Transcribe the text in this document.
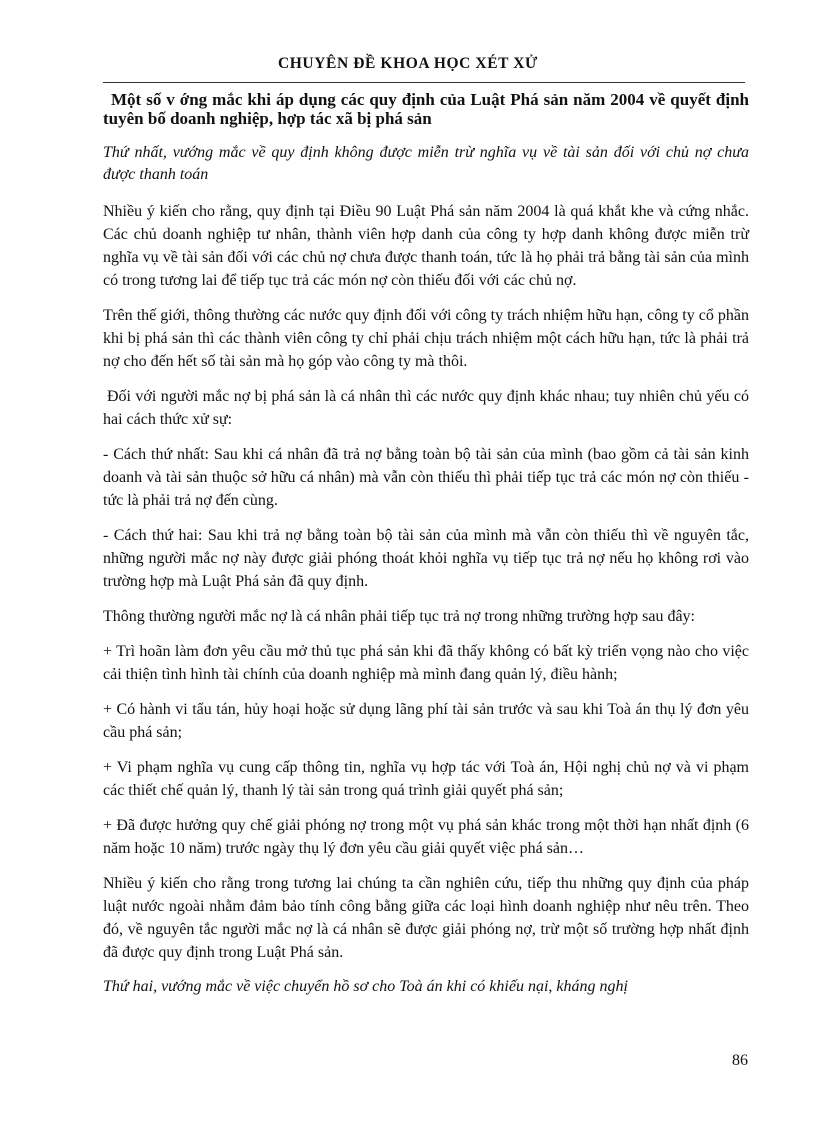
CHUYÊN ĐỀ KHOA HỌC XÉT XỬ

Một số v ớng mắc khi áp dụng các quy định của Luật Phá sản năm 2004 về quyết định tuyên bố doanh nghiệp, hợp tác xã bị phá sản

Thứ nhất, vướng mắc về quy định không được miễn trừ nghĩa vụ về tài sản đối với chủ nợ chưa được thanh toán

Nhiều ý kiến cho rằng, quy định tại Điều 90 Luật Phá sản năm 2004 là quá khắt khe và cứng nhắc. Các chủ doanh nghiệp tư nhân, thành viên hợp danh của công ty hợp danh không được miễn trừ nghĩa vụ về tài sản đối với các chủ nợ chưa được thanh toán, tức là họ phải trả bằng tài sản của mình có trong tương lai để tiếp tục trả các món nợ còn thiếu đối với các chủ nợ.

Trên thế giới, thông thường các nước quy định đối với công ty trách nhiệm hữu hạn, công ty cổ phần khi bị phá sản thì các thành viên công ty chỉ phải chịu trách nhiệm một cách hữu hạn, tức là phải trả nợ cho đến hết số tài sản mà họ góp vào công ty mà thôi.

Đối với người mắc nợ bị phá sản là cá nhân thì các nước quy định khác nhau; tuy nhiên chủ yếu có hai cách thức xử sự:

- Cách thứ nhất: Sau khi cá nhân đã trả nợ bằng toàn bộ tài sản của mình (bao gồm cả tài sản kinh doanh và tài sản thuộc sở hữu cá nhân) mà vẫn còn thiếu thì phải tiếp tục trả các món nợ còn thiếu - tức là phải trả nợ đến cùng.

- Cách thứ hai: Sau khi trả nợ bằng toàn bộ tài sản của mình mà vẫn còn thiếu thì về nguyên tắc, những người mắc nợ này được giải phóng thoát khỏi nghĩa vụ tiếp tục trả nợ nếu họ không rơi vào trường hợp mà Luật Phá sản đã quy định.

Thông thường người mắc nợ là cá nhân phải tiếp tục trả nợ trong những trường hợp sau đây:

+ Trì hoãn làm đơn yêu cầu mở thủ tục phá sản khi đã thấy không có bất kỳ triển vọng nào cho việc cải thiện tình hình tài chính của doanh nghiệp mà mình đang quản lý, điều hành;

+ Có hành vi tẩu tán, hủy hoại hoặc sử dụng lãng phí tài sản trước và sau khi Toà án thụ lý đơn yêu cầu phá sản;

+ Vi phạm nghĩa vụ cung cấp thông tin, nghĩa vụ hợp tác với Toà án, Hội nghị chủ nợ và vi phạm các thiết chế quản lý, thanh lý tài sản trong quá trình giải quyết phá sản;

+ Đã được hưởng quy chế giải phóng nợ trong một vụ phá sản khác trong một thời hạn nhất định (6 năm hoặc 10 năm) trước ngày thụ lý đơn yêu cầu giải quyết việc phá sản…

Nhiều ý kiến cho rằng trong tương lai chúng ta cần nghiên cứu, tiếp thu những quy định của pháp luật nước ngoài nhằm đảm bảo tính công bằng giữa các loại hình doanh nghiệp như nêu trên. Theo đó, về nguyên tắc người mắc nợ là cá nhân sẽ được giải phóng nợ, trừ một số trường hợp nhất định đã được quy định trong Luật Phá sản.

Thứ hai, vướng mắc về việc chuyển hồ sơ cho Toà án khi có khiếu nại, kháng nghị

86
